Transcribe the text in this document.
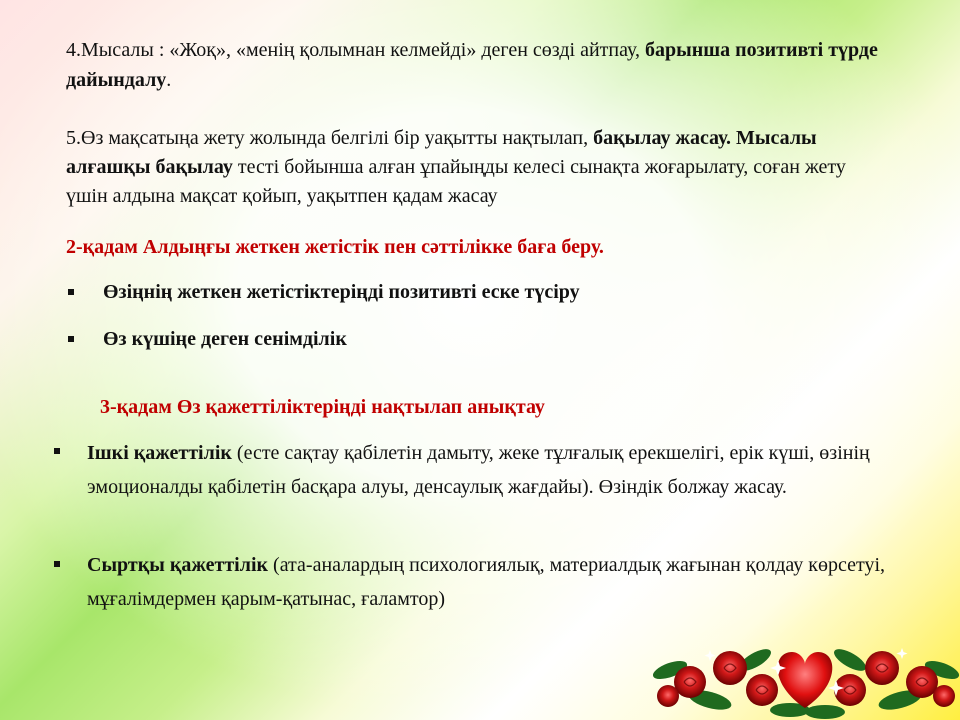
4.Мысалы : «Жоқ», «менің қолымнан келмейді» деген сөзді айтпау, барынша позитивті түрде дайындалу.
5.Өз мақсатыңа жету жолында белгілі бір уақытты нақтылап, бақылау жасау. Мысалы алғашқы бақылау тесті бойынша алған ұпайыңды келесі сынақта жоғарылату, соған жету үшін алдына мақсат қойып, уақытпен қадам жасау
2-қадам Алдыңғы жеткен жетістік пен сәттілікке баға беру.
Өзіңнің жеткен жетістіктеріңді позитивті еске түсіру
Өз күшіңе деген сенімділік
3-қадам Өз қажеттіліктеріңді нақтылап анықтау
Ішкі қажеттілік (есте сақтау қабілетін дамыту, жеке тұлғалық ерекшелігі, ерік күші, өзінің эмоционалды қабілетін басқара алуы, денсаулық жағдайы). Өзіндік болжау жасау.
Сыртқы қажеттілік (ата-аналардың психологиялық, материалдық жағынан қолдау көрсетуі, мұғалімдермен қарым-қатынас, ғаламтор)
